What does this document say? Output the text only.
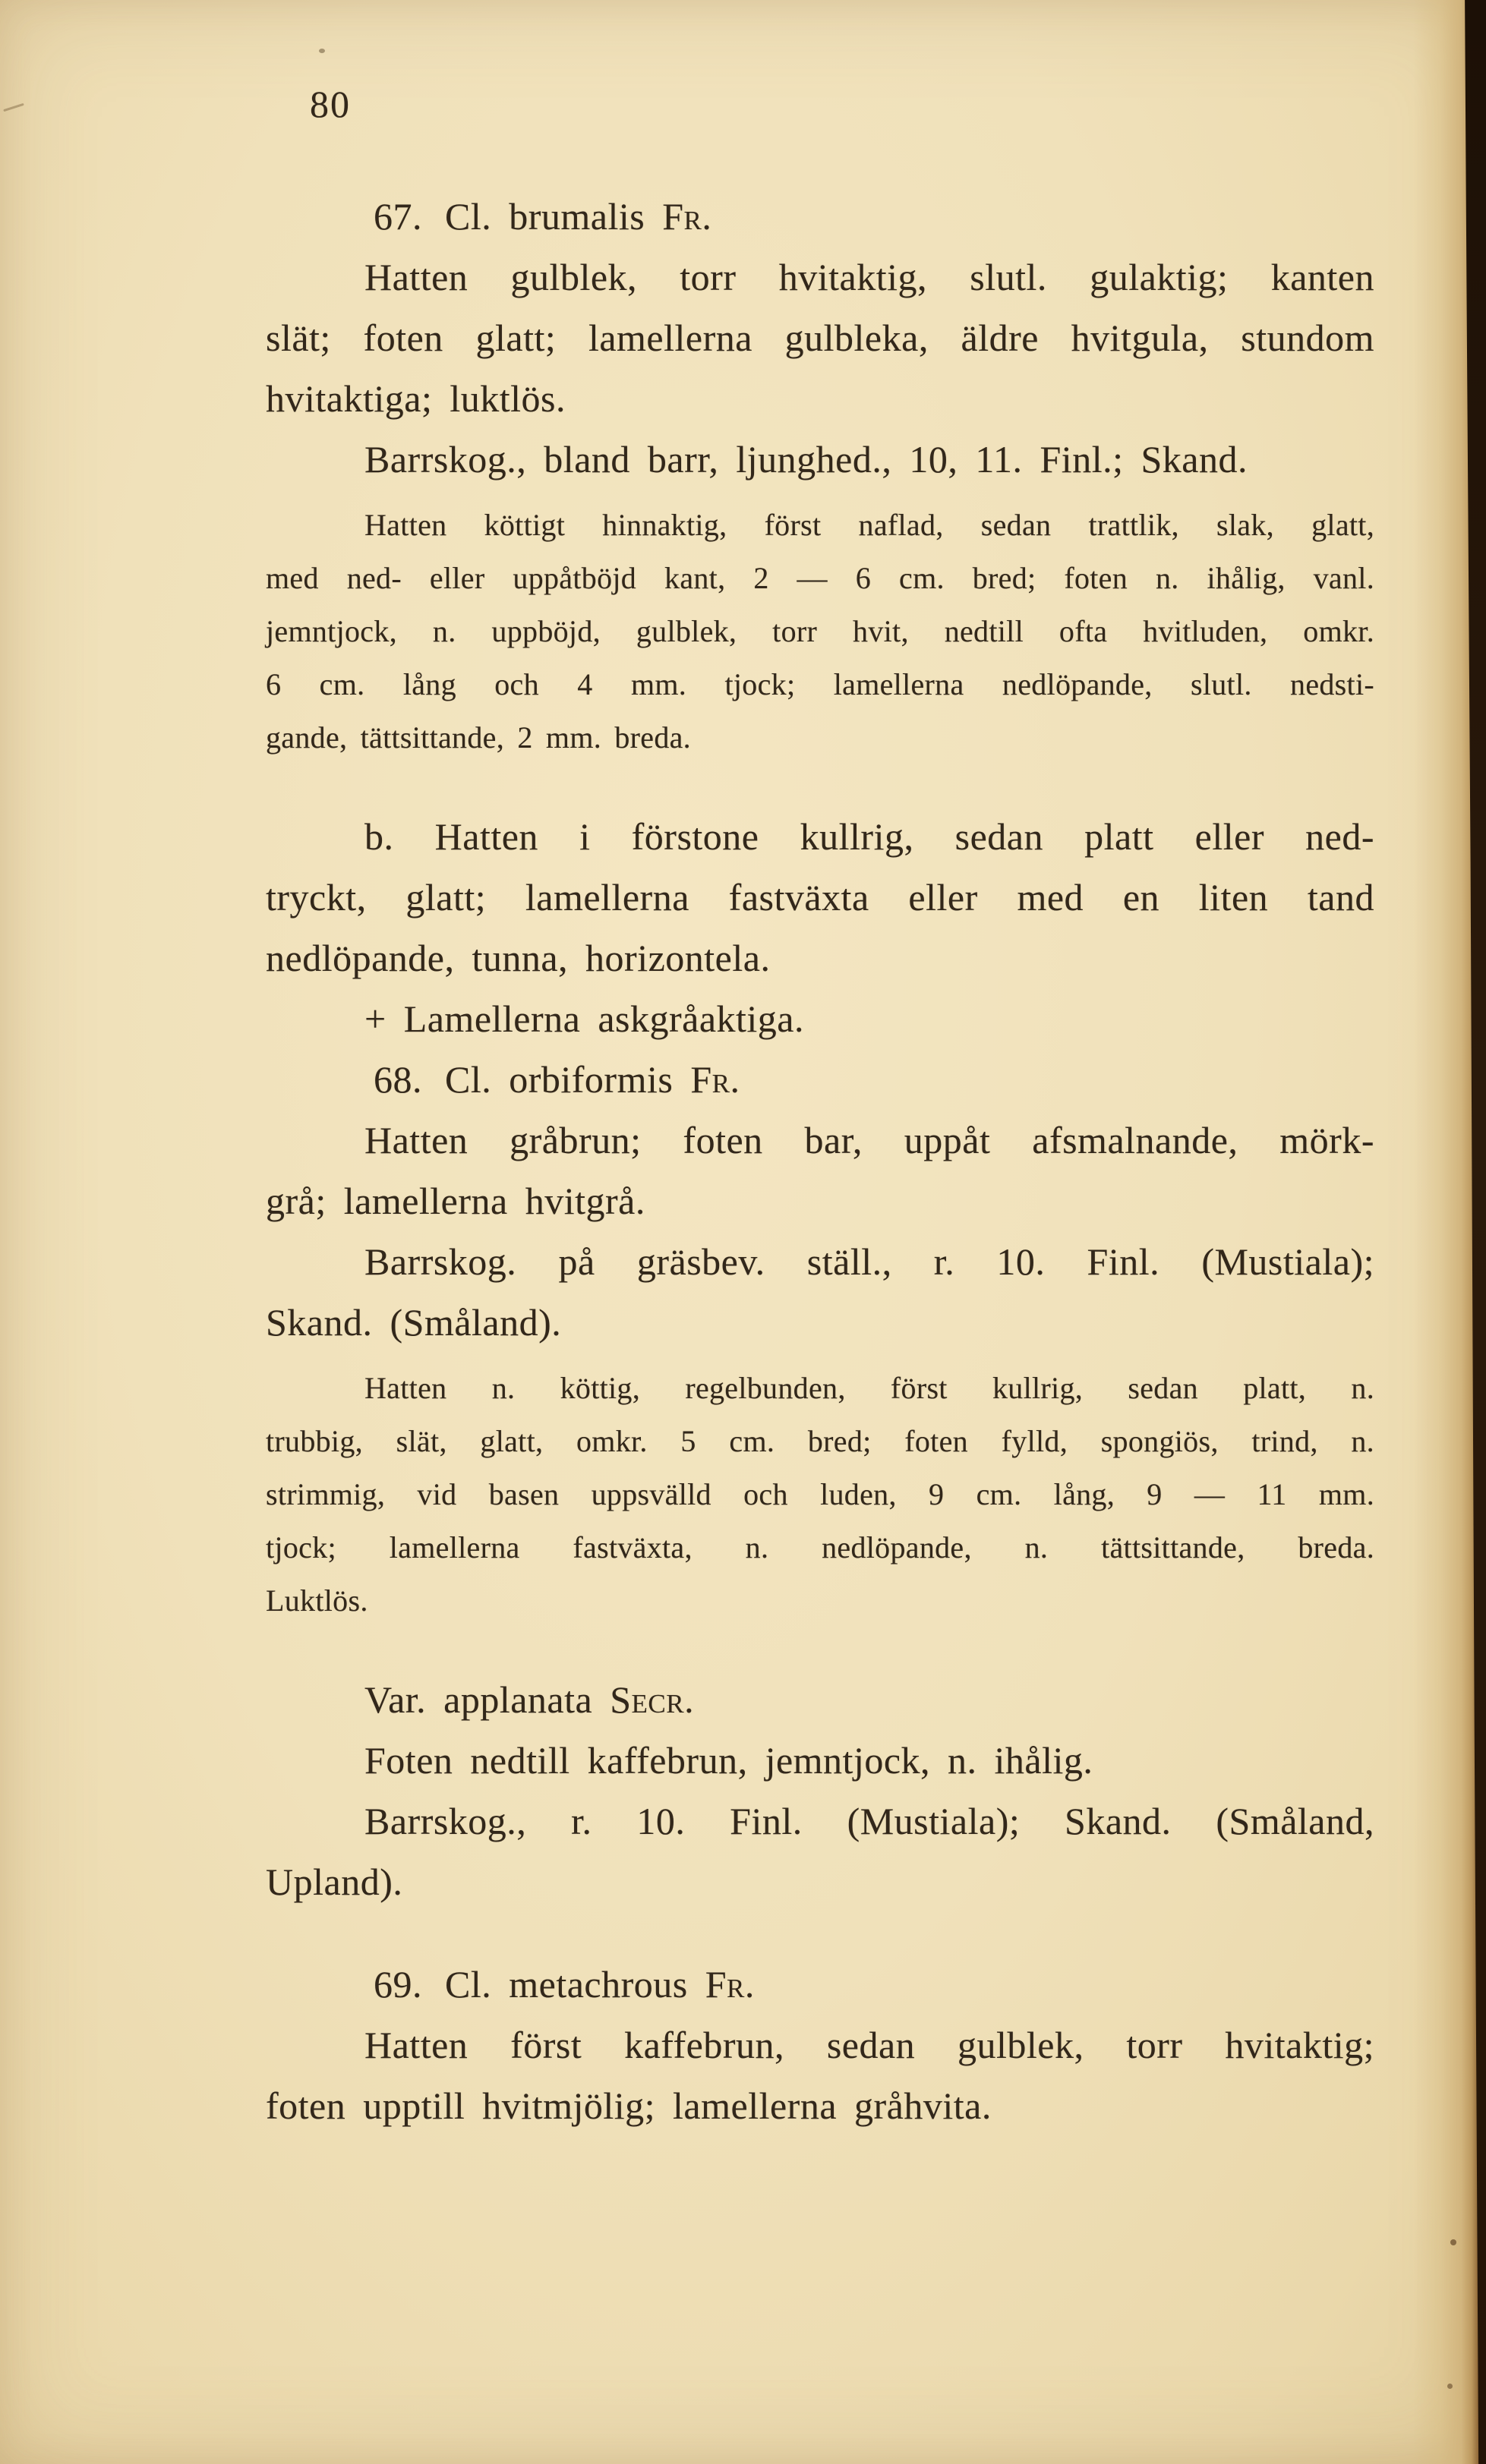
80
67. Cl. brumalis Fr.
Hatten gulblek, torr hvitaktig, slutl. gulaktig; kanten
slät; foten glatt; lamellerna gulbleka, äldre hvitgula, stundom
hvitaktiga; luktlös.
Barrskog., bland barr, ljunghed., 10, 11. Finl.; Skand.
Hatten köttigt hinnaktig, först naflad, sedan trattlik, slak, glatt,
med ned- eller uppåtböjd kant, 2 — 6 cm. bred; foten n. ihålig, vanl.
jemntjock, n. uppböjd, gulblek, torr hvit, nedtill ofta hvitluden, omkr.
6 cm. lång och 4 mm. tjock; lamellerna nedlöpande, slutl. nedsti-
gande, tättsittande, 2 mm. breda.
b. Hatten i förstone kullrig, sedan platt eller ned-
tryckt, glatt; lamellerna fastväxta eller med en liten tand
nedlöpande, tunna, horizontela.
+ Lamellerna askgråaktiga.
68. Cl. orbiformis Fr.
Hatten gråbrun; foten bar, uppåt afsmalnande, mörk-
grå; lamellerna hvitgrå.
Barrskog. på gräsbev. ställ., r. 10. Finl. (Mustiala);
Skand. (Småland).
Hatten n. köttig, regelbunden, först kullrig, sedan platt, n.
trubbig, slät, glatt, omkr. 5 cm. bred; foten fylld, spongiös, trind, n.
strimmig, vid basen uppsvälld och luden, 9 cm. lång, 9 — 11 mm.
tjock; lamellerna fastväxta, n. nedlöpande, n. tättsittande, breda.
Luktlös.
Var. applanata Secr.
Foten nedtill kaffebrun, jemntjock, n. ihålig.
Barrskog., r. 10. Finl. (Mustiala); Skand. (Småland,
Upland).
69. Cl. metachrous Fr.
Hatten först kaffebrun, sedan gulblek, torr hvitaktig;
foten upptill hvitmjölig; lamellerna gråhvita.
